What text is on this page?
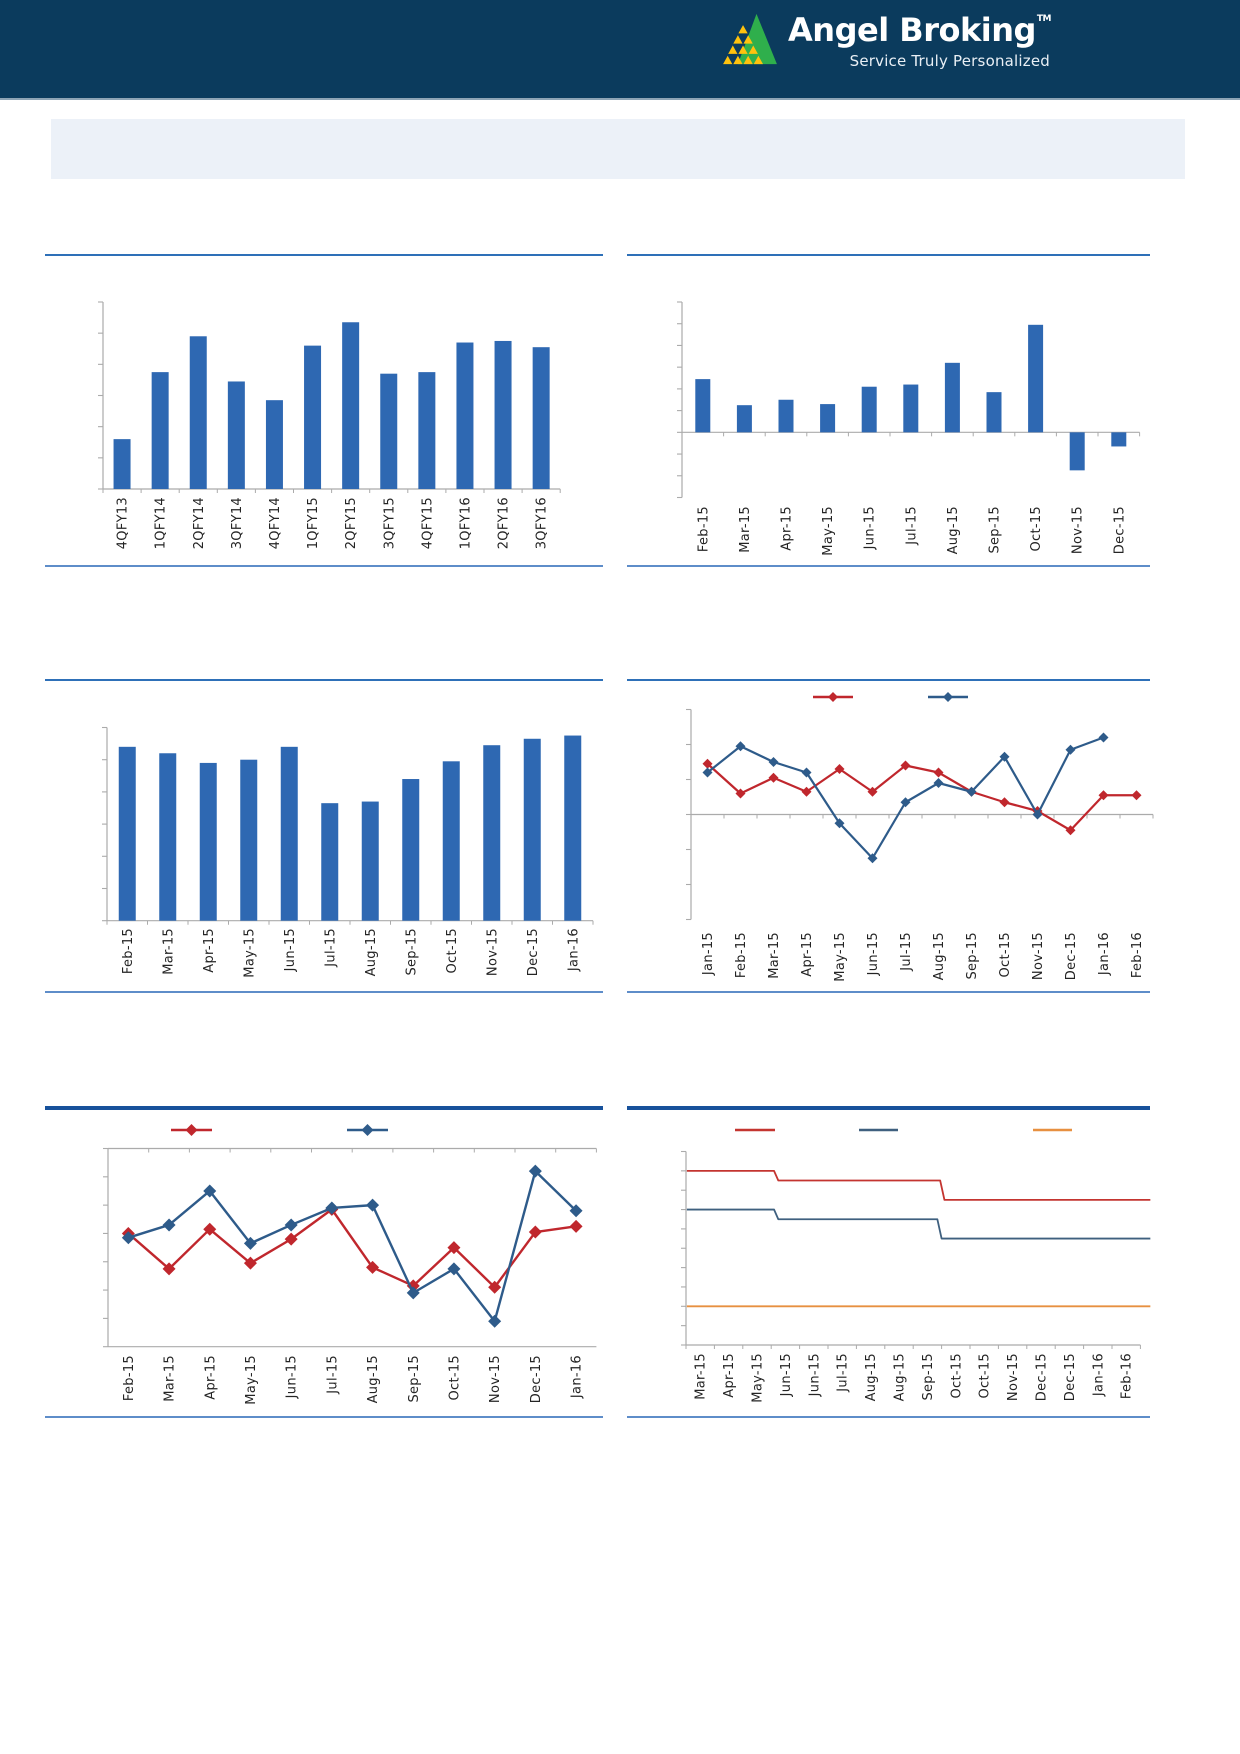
Angel Broking™
Service Truly Personalized
4QFY13 1QFY14 2QFY14 3QFY14 4QFY14 1QFY15 2QFY15 3QFY15 4QFY15 1QFY16 2QFY16 3QFY16	Feb-15 Mar-15 Apr-15 May-15 Jun-15 Jul-15 Aug-15 Sep-15 Oct-15 Nov-15 Dec-15
Feb-15 Mar-15 Apr-15 May-15 Jun-15 Jul-15 Aug-15 Sep-15 Oct-15 Nov-15 Dec-15 Jan-16	Jan-15 Feb-15 Mar-15 Apr-15 May-15 Jun-15 Jul-15 Aug-15 Sep-15 Oct-15 Nov-15 Dec-15 Jan-16 Feb-16
Feb-15 Mar-15 Apr-15 May-15 Jun-15 Jul-15 Aug-15 Sep-15 Oct-15 Nov-15 Dec-15 Jan-16	Mar-15 Apr-15 May-15 Jun-15 Jun-15 Jul-15 Aug-15 Aug-15 Sep-15 Oct-15 Oct-15 Nov-15 Dec-15 Dec-15 Jan-16 Feb-16
